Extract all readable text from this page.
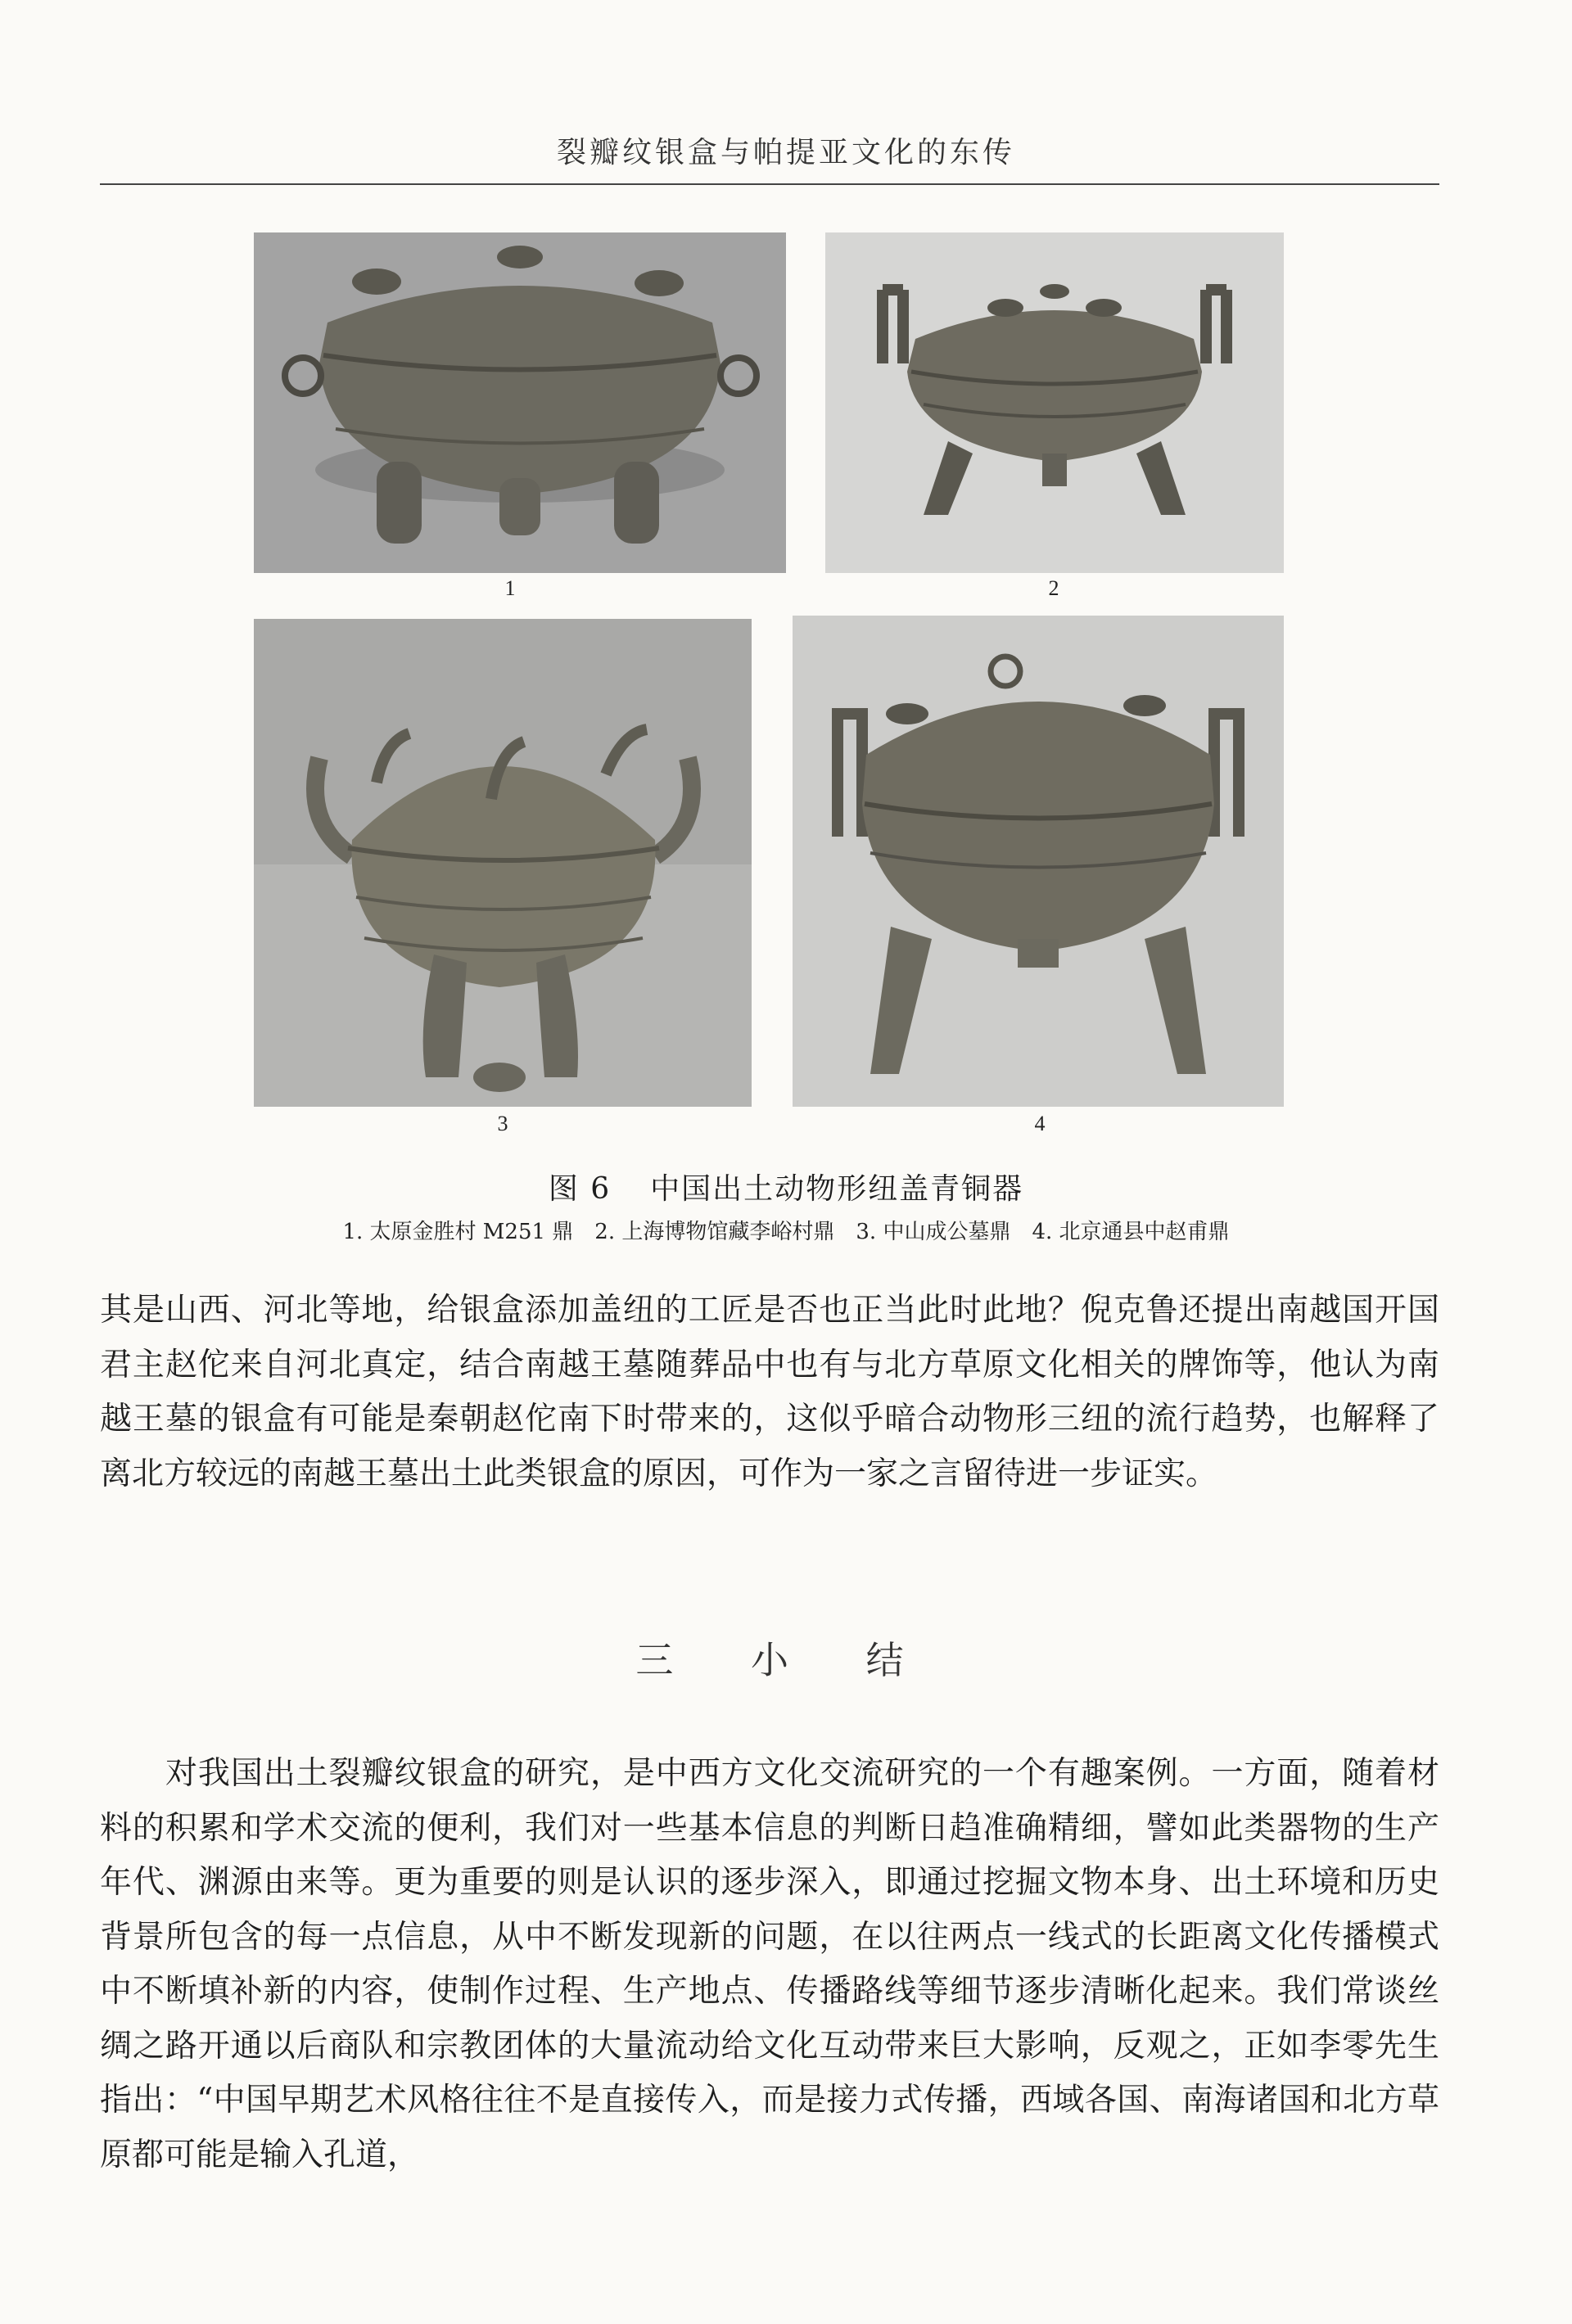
裂瓣纹银盒与帕提亚文化的东传
1	2
3	4
图 6 中国出土动物形纽盖青铜器
1. 太原金胜村 M251 鼎　2. 上海博物馆藏李峪村鼎　3. 中山成公墓鼎　4. 北京通县中赵甫鼎

其是山西、河北等地，给银盒添加盖纽的工匠是否也正当此时此地？倪克鲁还提出南越国开国君主赵佗来自河北真定，结合南越王墓随葬品中也有与北方草原文化相关的牌饰等，他认为南越王墓的银盒有可能是秦朝赵佗南下时带来的，这似乎暗合动物形三纽的流行趋势，也解释了离北方较远的南越王墓出土此类银盒的原因，可作为一家之言留待进一步证实。

三 小 结

对我国出土裂瓣纹银盒的研究，是中西方文化交流研究的一个有趣案例。一方面，随着材料的积累和学术交流的便利，我们对一些基本信息的判断日趋准确精细，譬如此类器物的生产年代、渊源由来等。更为重要的则是认识的逐步深入，即通过挖掘文物本身、出土环境和历史背景所包含的每一点信息，从中不断发现新的问题，在以往两点一线式的长距离文化传播模式中不断填补新的内容，使制作过程、生产地点、传播路线等细节逐步清晰化起来。我们常谈丝绸之路开通以后商队和宗教团体的大量流动给文化互动带来巨大影响，反观之，正如李零先生指出：“中国早期艺术风格往往不是直接传入，而是接力式传播，西域各国、南海诸国和北方草原都可能是输入孔道，
